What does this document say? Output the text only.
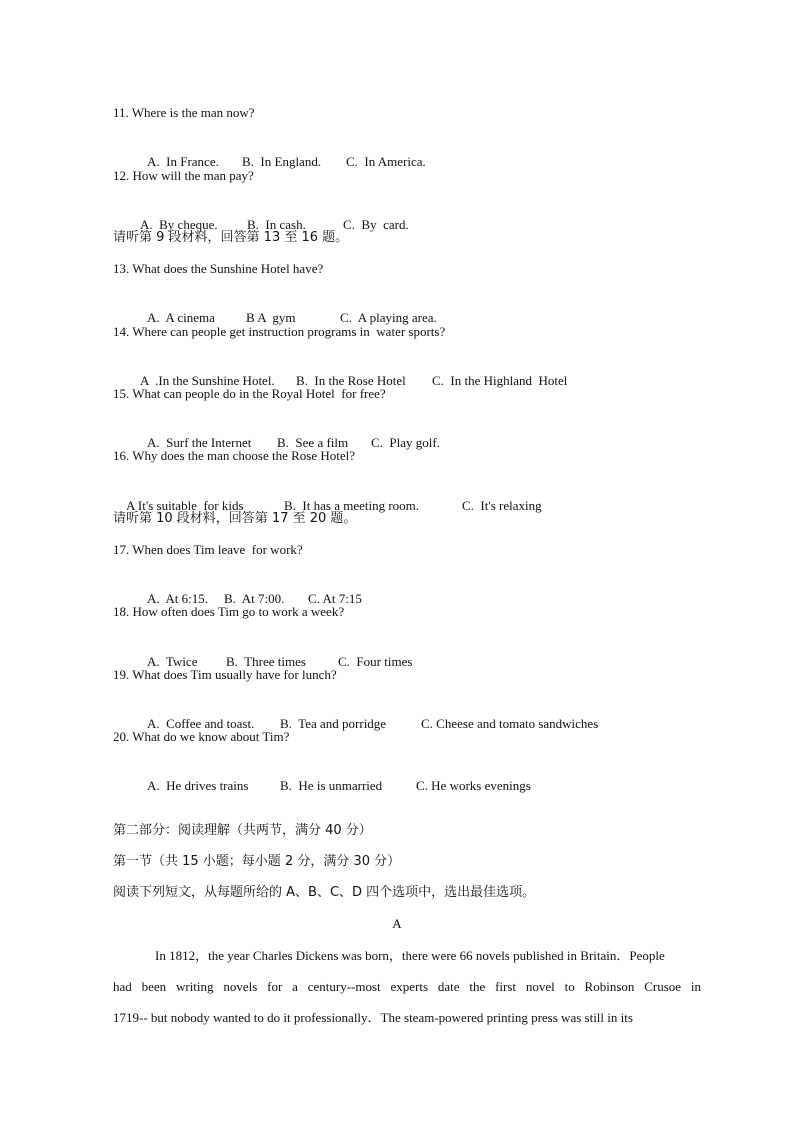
11. Where is the man now?

A.  In France. B.  In England. C.  In America.

12. How will the man pay?

A.  By cheque. B.  In cash.	C.  By  card.

请听第 9 段材料，回答第 13 至 16 题。
13. What does the Sunshine Hotel have?

A.  A cinema B A  gym	C.  A playing area.

14. Where can people get instruction programs in  water sports?

A  .In the Sunshine Hotel. B.  In the Rose Hotel C.  In the Highland  Hotel

15. What can people do in the Royal Hotel  for free?

A.  Surf the Internet B.  See a film C.  Play golf.

16. Why does the man choose the Rose Hotel?

A It's suitable  for kids	B.  It has a meeting room.	C.  It's relaxing

请听第 10 段材料，回答第 17 至 20 题。
17. When does Tim leave  for work?

A.  At 6:15. B.  At 7:00. C. At 7:15

18. How often does Tim go to work a week?

A.  Twice B.  Three times C.  Four times

19. What does Tim usually have for lunch?

A.  Coffee and toast. B.  Tea and porridge	C. Cheese and tomato sandwiches

20. What do we know about Tim?

A.  He drives trains B.  He is unmarried	C. He works evenings

第二部分：阅读理解（共两节，满分 40 分）
第一节（共 15 小题；每小题 2 分，满分 30 分）
阅读下列短文，从每题所给的 A、B、C、D 四个选项中，选出最佳选项。
A
In 1812，the year Charles Dickens was born，there were 66 novels published in Britain．People
had been writing novels for a century--most experts date the first novel to Robinson Crusoe in
1719-- but nobody wanted to do it professionally．The steam-powered printing press was still in its
